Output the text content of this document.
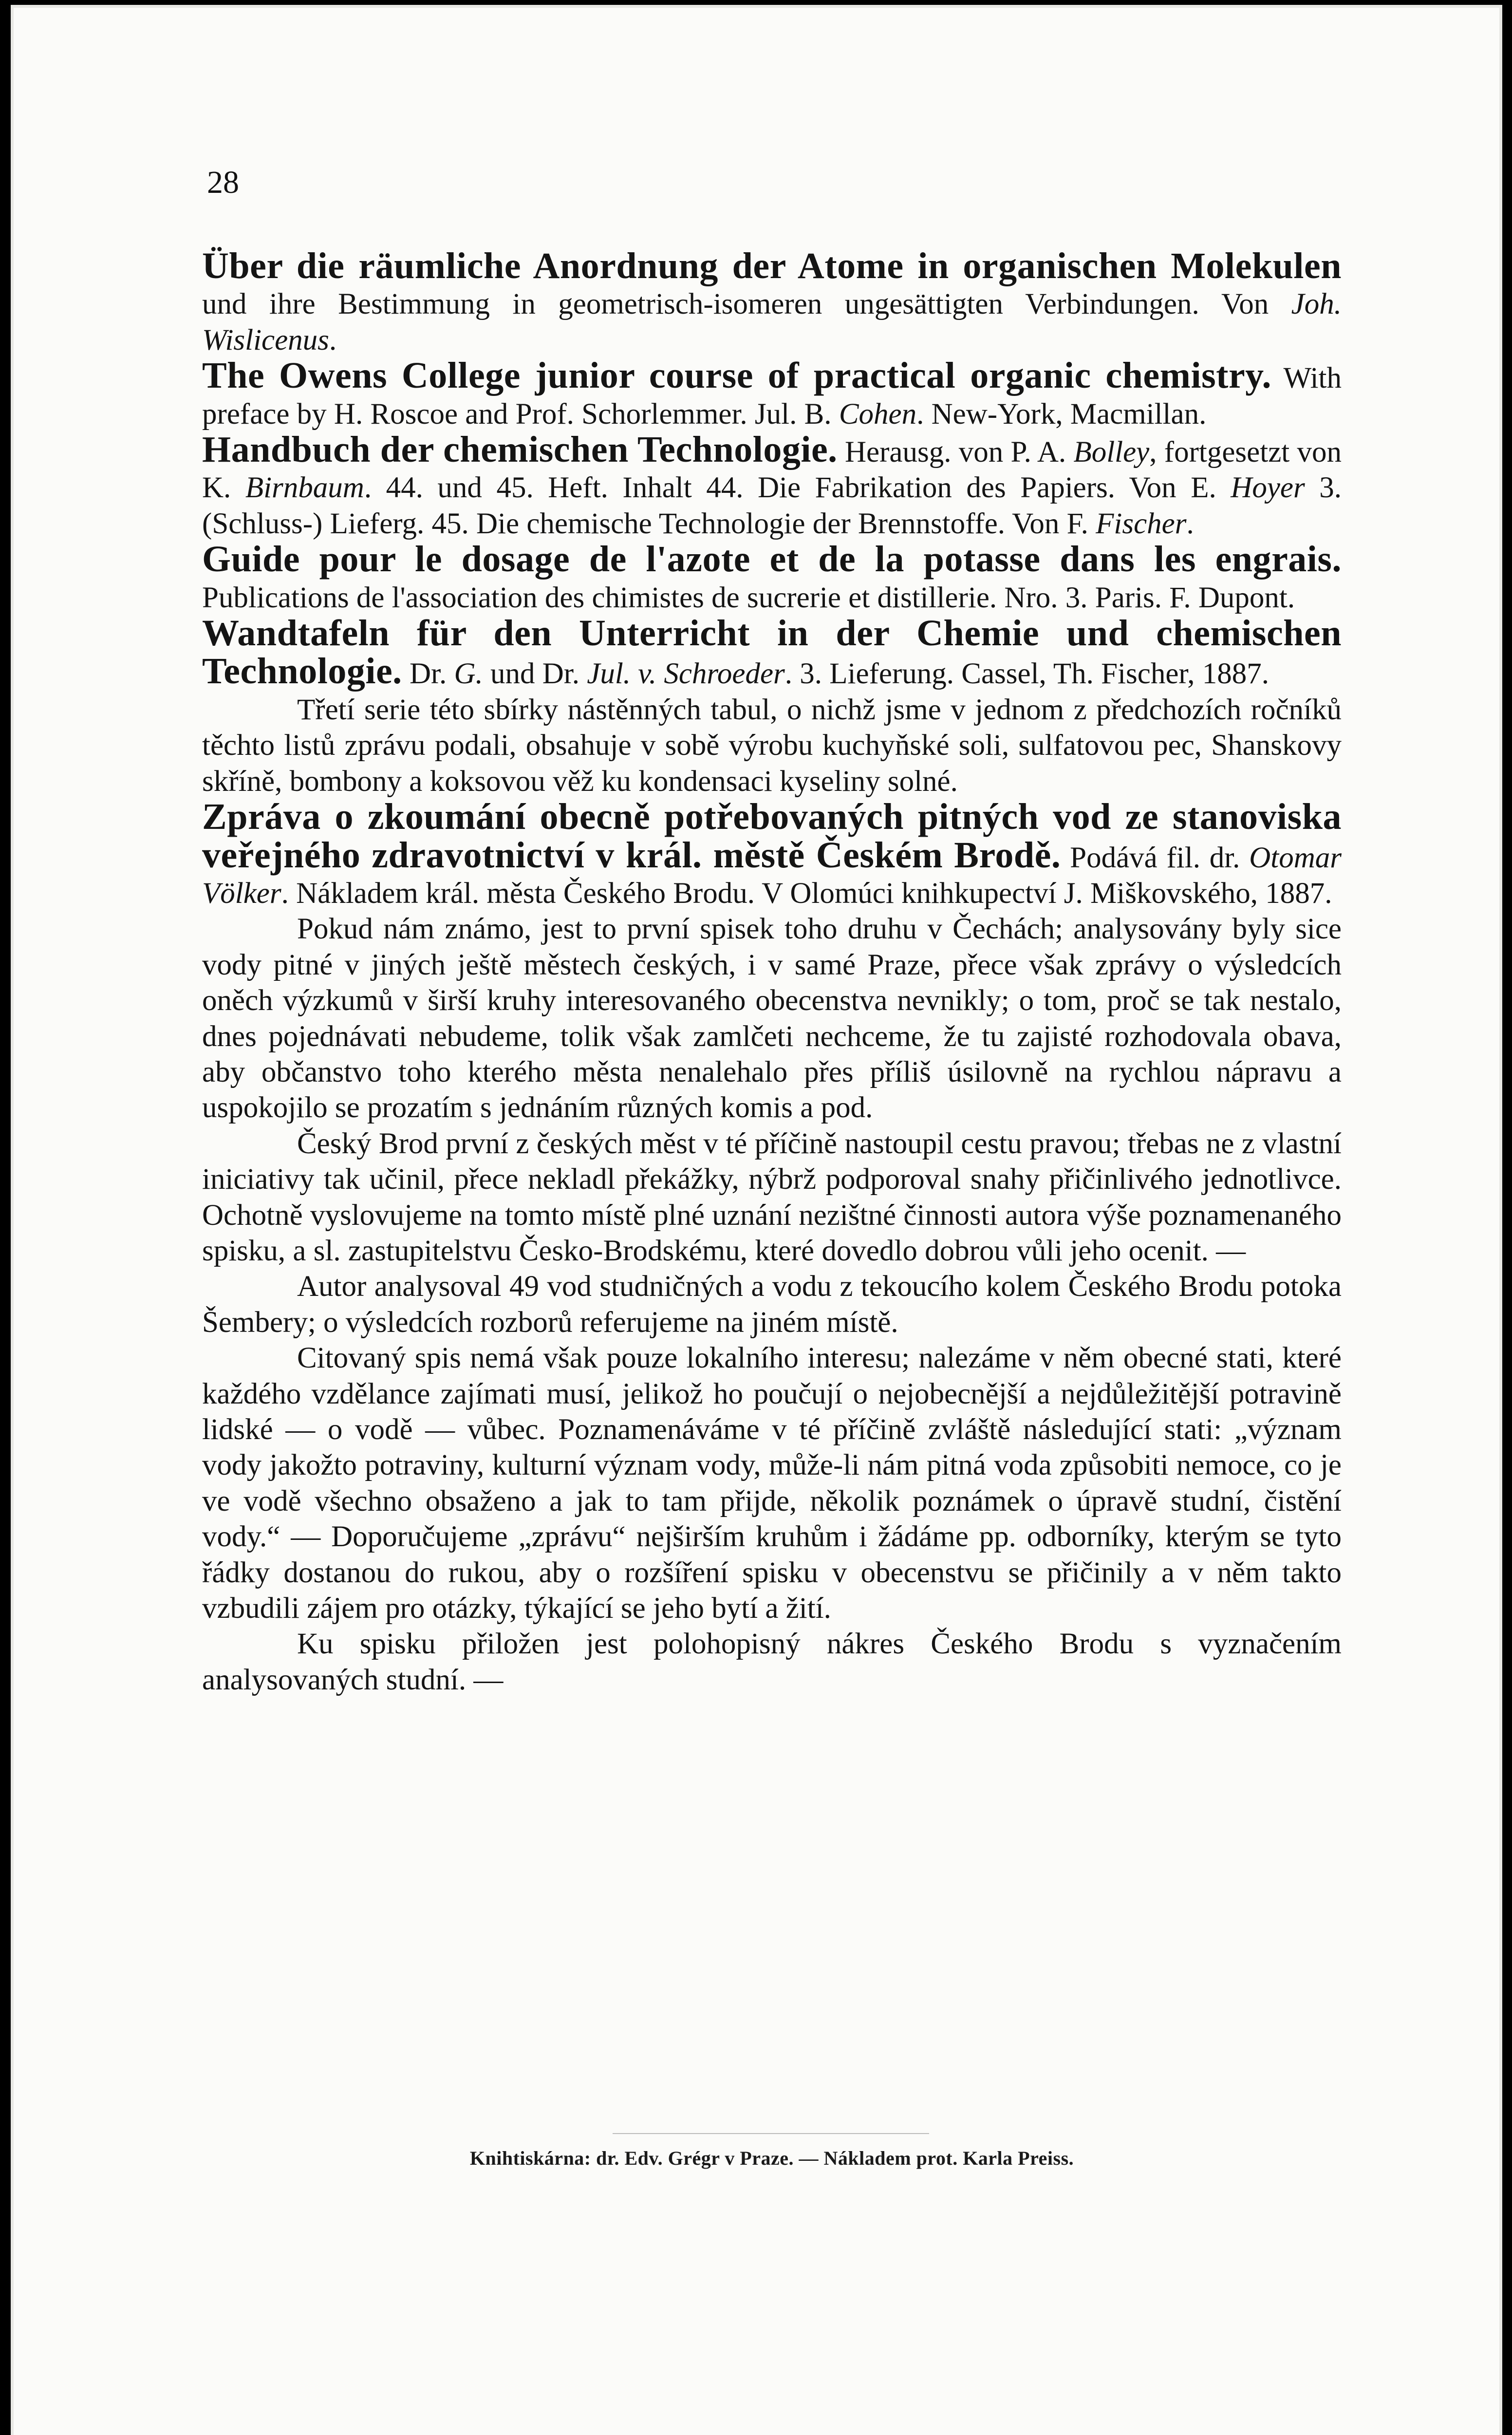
28

Über die räumliche Anordnung der Atome in organischen Molekulen und ihre Bestimmung in geometrisch-isomeren ungesättigten Verbindungen. Von Joh. Wislicenus.

The Owens College junior course of practical organic chemistry. With preface by H. Roscoe and Prof. Schorlemmer. Jul. B. Cohen. New-York, Macmillan.

Handbuch der chemischen Technologie. Herausg. von P. A. Bolley, fortgesetzt von K. Birnbaum. 44. und 45. Heft. Inhalt 44. Die Fabrikation des Papiers. Von E. Hoyer 3. (Schluss-) Lieferg. 45. Die chemische Technologie der Brennstoffe. Von F. Fischer.

Guide pour le dosage de l'azote et de la potasse dans les engrais. Publications de l'association des chimistes de sucrerie et distillerie. Nro. 3. Paris. F. Dupont.

Wandtafeln für den Unterricht in der Chemie und chemischen Technologie. Dr. G. und Dr. Jul. v. Schroeder. 3. Lieferung. Cassel, Th. Fischer, 1887.

Třetí serie této sbírky nástěnných tabul, o nichž jsme v jednom z předchozích ročníků těchto listů zprávu podali, obsahuje v sobě výrobu kuchyňské soli, sulfatovou pec, Shanskovy skříně, bombony a koksovou věž ku kondensaci kyseliny solné.

Zpráva o zkoumání obecně potřebovaných pitných vod ze stanoviska veřejného zdravotnictví v král. městě Českém Brodě. Podává fil. dr. Otomar Völker. Nákladem král. města Českého Brodu. V Olomúci knihkupectví J. Miškovského, 1887.

Pokud nám známo, jest to první spisek toho druhu v Čechách; analysovány byly sice vody pitné v jiných ještě městech českých, i v samé Praze, přece však zprávy o výsledcích oněch výzkumů v širší kruhy interesovaného obecenstva nevnikly; o tom, proč se tak nestalo, dnes pojednávati nebudeme, tolik však zamlčeti nechceme, že tu zajisté rozhodovala obava, aby občanstvo toho kterého města nenalehalo přes příliš úsilovně na rychlou nápravu a uspokojilo se prozatím s jednáním různých komis a pod.

Český Brod první z českých měst v té příčině nastoupil cestu pravou; třebas ne z vlastní iniciativy tak učinil, přece nekladl překážky, nýbrž podporoval snahy přičinlivého jednotlivce. Ochotně vyslovujeme na tomto místě plné uznání nezištné činnosti autora výše poznamenaného spisku, a sl. zastupitelstvu Česko-Brodskému, které dovedlo dobrou vůli jeho ocenit. —

Autor analysoval 49 vod studničných a vodu z tekoucího kolem Českého Brodu potoka Šembery; o výsledcích rozborů referujeme na jiném místě.

Citovaný spis nemá však pouze lokalního interesu; nalezáme v něm obecné stati, které každého vzdělance zajímati musí, jelikož ho poučují o nejobecnější a nejdůležitější potravině lidské — o vodě — vůbec. Poznamenáváme v té příčině zvláště následující stati: „význam vody jakožto potraviny, kulturní význam vody, může-li nám pitná voda způsobiti nemoce, co je ve vodě všechno obsaženo a jak to tam přijde, několik poznámek o úpravě studní, čistění vody.“ — Doporučujeme „zprávu“ nejširším kruhům i žádáme pp. odborníky, kterým se tyto řádky dostanou do rukou, aby o rozšíření spisku v obecenstvu se přičinily a v něm takto vzbudili zájem pro otázky, týkající se jeho bytí a žití.

Ku spisku přiložen jest polohopisný nákres Českého Brodu s vyznačením analysovaných studní. —

Knihtiskárna: dr. Edv. Grégr v Praze. — Nákladem prot. Karla Preiss.
